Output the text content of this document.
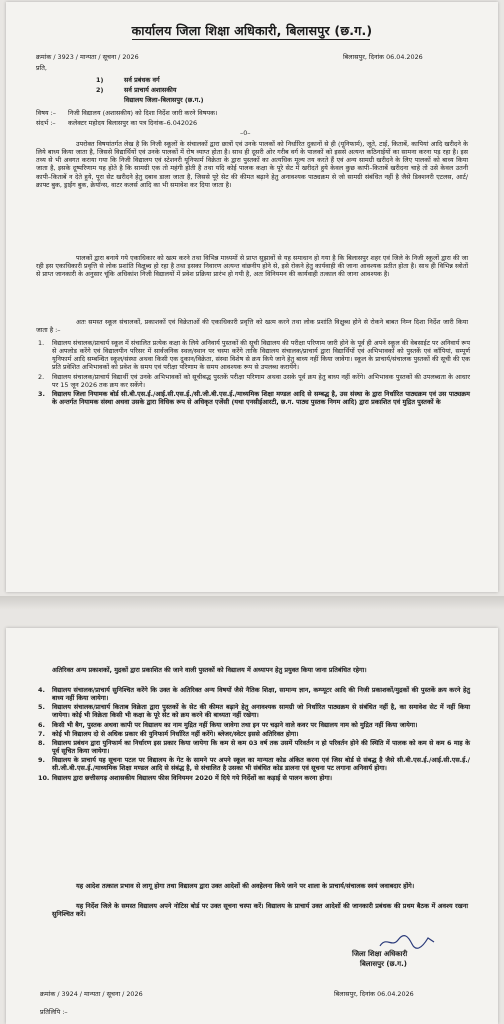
कार्यालय जिला शिक्षा अधिकारी, बिलासपुर (छ.ग.)
क्रमांक / 3923 / मान्यता / सूचना / 2026	बिलासपुर, दिनांक 06.04.2026
प्रति,
1)	सर्व प्रबंधक वर्ग
2)	सर्व प्राचार्य अशासकीय
विद्यालय जिला–बिलासपुर (छ.ग.)
विषय :– निजी विद्यालय (अशासकीय) को दिशा निर्देश जारी करने विषयक।
संदर्भ :– कलेक्टर महोदय बिलासपुर का पत्र दिनांक–6.042026
–0–
उपरोक्त विषयांतर्गत लेख है कि निजी स्कूलों के संचालकों द्वारा छात्रों एवं उनके पालकों को निर्धारित दुकानों से ही (यूनिफार्म), जूते, टाई, किताबें, कापियां आदि खरीदने के लिये बाध्य किया जाता है, जिससे विद्यार्थियों एवं उनके पालकों में रोष व्याप्त होता है। साथ ही दूसरी ओर गरीब वर्ग के पालकों को इससे अत्यन्त कठिनाईयों का सामना करना पड़ रहा है। इस तथ्य से भी अवगत कराया गया कि निजी विद्यालय एवं स्टेशनरी यूनिफार्म विक्रेता के द्वारा पुस्तकों का अत्यधिक मूल्य तय करते हैं एवं अन्य सामग्री खरीदने के लिए पालकों को बाध्य किया जाता है, इसके दूष्परिणाम यह होते है कि सामग्री एक तो महंगी होती है तथा यदि कोई पालक कक्षा के पूरे सेट में खरीदते हुये केवल कुछ कापी–किताबें खरीदना चाहे तो उसे केवल उतनी कापी–किताबें न देते हुये, पूरा सेट खरीदने हेतु दबाव डाला जाता है, जिससे पूरे सेट की कीमत बढ़ाने हेतु अनावश्यक पाठ्यक्रम से जो सामग्री संबंधित नहीं है जैसे डिक्शनरी एटलस, आर्ट/क्राफ्ट बुक, ड्राईंग बुक, क्रेयॉन्स, वाटर कलर्स आदि का भी समावेश कर दिया जाता है।
पालकों द्वारा बनाये गये एकाधिकार को खत्म करने तथा विभिन्न माध्यमों से प्राप्त सुझावों से यह समाधान हो गया है कि बिलासपुर शहर एवं जिले के निजी स्कूलों द्वारा की जा रही इस एकाधिकारी प्रवृत्ति से लोक प्रशांति विक्षुब्ध हो रहा है तथा इसका निवारण अत्यन्त वांछनीय होने से, इसे रोकने हेतु कार्यवाही की जाना आवश्यक प्रतीत होता है। साथ ही विभिन्न स्त्रोतों से प्राप्त जानकारी के अनुसार चूंकि अधिकांश निजी विद्यालयों में प्रवेश प्रक्रिया प्रारंभ हो गयी है, अतः विनियमन की कार्यवाही तत्काल की जाना आवश्यक है।
अतः समस्त स्कूल संचालकों, प्रकाशकों एवं विक्रेताओं की एकाधिकारी प्रवृत्ति को खत्म करने तथा लोक प्रशांति विक्षुब्ध होने से रोकने बाबत निम्न दिशा निर्देश जारी किया जाता है :–
1. विद्यालय संचालक/प्राचार्य स्कूल में संचालित प्रत्येक कक्षा के लिये अनिवार्य पुस्तकों की सूची विद्यालय की परीक्षा परिणाम जारी होने के पूर्व ही अपने स्कूल की वेबसाईट पर अनिवार्य रूप से अपलोड करेंगे एवं विद्यालयीन परिसर में सार्वजनिक स्थल/स्थान पर चस्पा करेंगे ताकि विद्यालय संचालक/प्राचार्य द्वारा विद्यार्थियों एवं अभिभावकों को पुस्तकें एवं कॉपियां, सम्पूर्ण यूनिफार्म आदि सम्बन्धित स्कूल/संस्था अथवा किसी एक दुकान/विक्रेता, संस्था विशेष से क्रय किये जाने हेतु बाध्य नहीं किया जावेगा। स्कूल के प्राचार्य/संचालक पुस्तकों की सूची की एक प्रति प्रवेशित अभिभावकों को प्रवेश के समय एवं परीक्षा परिणाम के समय आवश्यक रूप से उपलब्ध करायेंगे।
2. विद्यालय संचालक/प्राचार्य विद्यार्थी एवं उनके अभिभावकों को सूचीबद्ध पुस्तकें परीक्षा परिणाम अथवा उसके पूर्व क्रय हेतु बाध्य नहीं करेंगे। अभिभावक पुस्तकों की उपलब्धता के आधार पर 15 जून 2026 तक क्रय कर सकेंगे।
3. विद्यालय जिला नियामक बोर्ड सी.बी.एस.ई./आई.सी.एस.ई./सी.जी.बी.एस.ई./माध्यमिक शिक्षा मण्डल आदि से सम्बद्ध है, उस संस्था के द्वारा निर्धारित पाठ्यक्रम एवं उस पाठ्यक्रम के अन्तर्गत नियामक संस्था अथवा उसके द्वारा विधिक रूप से अधिकृत एजेंसी (यथा एनसीईआरटी, छ.ग. पाठ्य पुस्तक निगम आदि) द्वारा प्रकाशित एवं मुद्रित पुस्तकों के
अतिरिक्त अन्य प्रकाशकों, मुद्रकों द्वारा प्रकाशित की जाने वाली पुस्तकों को विद्यालय में अध्यापन हेतु प्रयुक्त किया जाना प्रतिबंधित रहेगा।
4. विद्यालय संचालक/प्राचार्य सुनिश्चित करेंगे कि उक्त के अतिरिक्त अन्य विषयों जैसे नैतिक शिक्षा, सामान्य ज्ञान, कम्प्यूटर आदि की निजी प्रकाशकों/मुद्रकों की पुस्तकें क्रय करने हेतु बाध्य नहीं किया जायेगा।
5. विद्यालय संचालक/प्राचार्य किताब विक्रेता द्वारा पुस्तकों के सेट की कीमत बढ़ाने हेतु अनावश्यक सामग्री जो निर्धारित पाठ्यक्रम से संबंधित नहीं है, का समावेश सेट में नहीं किया जायेगा। कोई भी विक्रेता किसी भी कक्षा के पूरे सेट को क्रय करने की बाध्यता नहीं रखेगा।
6. किसी भी बैग, पुस्तक अथवा कापी पर विद्यालय का नाम मुद्रित नहीं किया जावेगा तथा इन पर चढ़ाने वाले कवर पर विद्यालय नाम को मुद्रित नहीं किया जायेगा।
7. कोई भी विद्यालय दो से अधिक प्रकार की युनिफार्म निर्धारित नहीं करेंगे। ब्लेजर/स्वेटर इससे अतिरिक्त होगा।
8. विद्यालय प्रबंधन द्वारा युनिफार्म का निर्धारण इस प्रकार किया जायेगा कि कम से कम 03 वर्ष तक उसमें परिवर्तन न हो परिवर्तन होने की स्थिति में पालक को कम से कम 6 माह के पूर्व सूचित किया जायेगा।
9. विद्यालय के प्राचार्य यह सूचना पटल पर विद्यालय के गेट के सामने पर अपने स्कूल का मान्यता कोड अंकित करना एवं जिस बोर्ड से संबद्ध है जैसे सी.बी.एस.ई./आई.सी.एस.ई./सी.जी.बी.एस.ई./माध्यमिक शिक्षा मण्डल आदि से संबंद्ध है, से संचालित है उसका भी संबंधित कोड डालना एवं सूचना पट लगाना अनिवार्य होगा।
10. विद्यालय द्वारा छत्तीसगढ़ अशासकीय विद्यालय फीस विनियमन 2020 में दिये गये निर्देशों का कड़ाई से पालन करना होगा।
यह आदेश तत्काल प्रभाव से लागू होगा तथा विद्यालय द्वारा उक्त आदेशों की अवहेलना किये जाने पर शाला के प्राचार्य/संचालक स्वयं जवाबदार होंगे।
यह निर्देश जिले के समस्त विद्यालय अपने नोटिस बोर्ड पर उक्त सूचना चस्पा करें। विद्यालय के प्राचार्य उक्त आदेशों की जानकारी प्रबंधक की प्रथम बैठक में अवश्य रखना सुनिश्चित करें।
जिला शिक्षा अधिकारी
बिलासपुर (छ.ग.)
क्रमांक / 3924 / मान्यता / सूचना / 2026	बिलासपुर, दिनांक 06.04.2026
प्रतिलिपि :–
